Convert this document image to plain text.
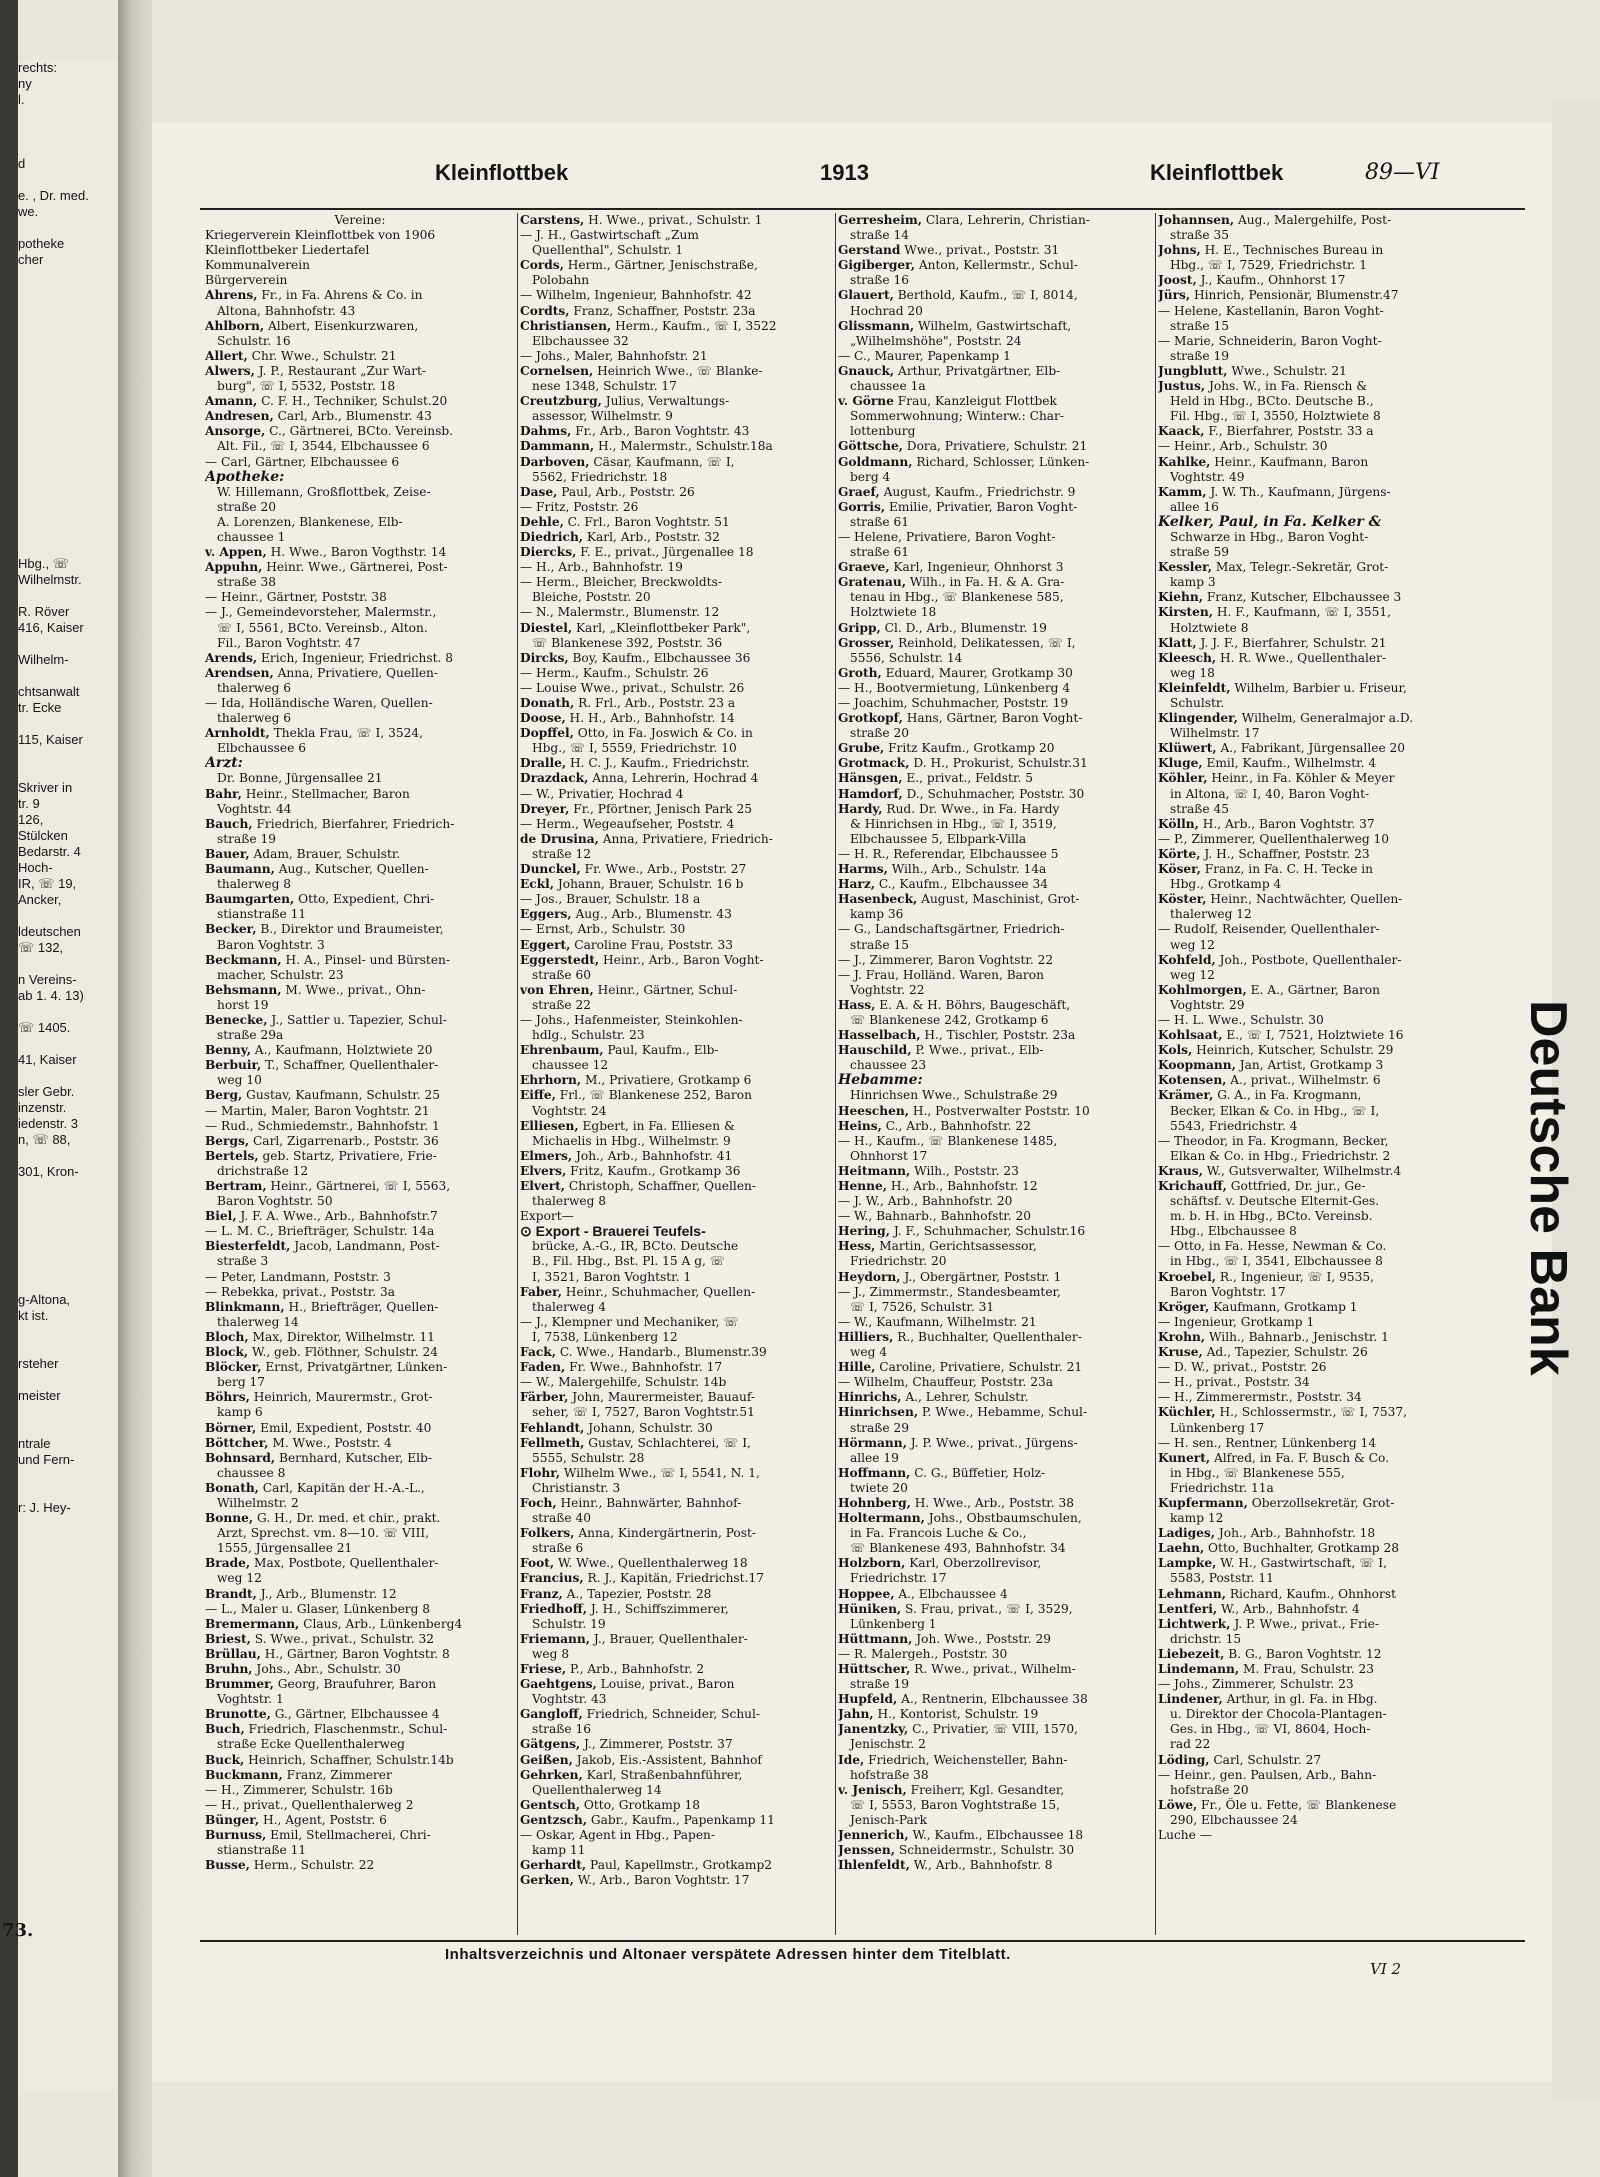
rechts:
ny
l.
d
e. , Dr. med.
we.
potheke
cher
Hbg., ☏
Wilhelmstr.
R. Röver
416, Kaiser
Wilhelm-
chtsanwalt
tr. Ecke
115, Kaiser
Skriver in
tr. 9
126,
Stülcken
Bedarstr. 4
Hoch-
IR, ☏ 19,
Ancker,
ldeutschen
☏ 132,
n Vereins-
ab 1. 4. 13)
☏ 1405.
41, Kaiser
sler Gebr.
inzenstr.
iedenstr. 3
n, ☏ 88,
301, Kron-
g-Altona,
kt ist.
rsteher
meister
ntrale
und Fern-
r: J. Hey-
73.
Kleinflottbek	1913	Kleinflottbek	89—VI
Vereine:
Kriegerverein Kleinflottbek von 1906
Kleinflottbeker Liedertafel
Kommunalverein
Bürgerverein
Ahrens, Fr., in Fa. Ahrens & Co. in
Altona, Bahnhofstr. 43
Ahlborn, Albert, Eisenkurzwaren,
Schulstr. 16
Allert, Chr. Wwe., Schulstr. 21
Alwers, J. P., Restaurant „Zur Wart-
burg", ☏ I, 5532, Poststr. 18
Amann, C. F. H., Techniker, Schulst.20
Andresen, Carl, Arb., Blumenstr. 43
Ansorge, C., Gärtnerei, BCto. Vereinsb.
Alt. Fil., ☏ I, 3544, Elbchaussee 6
— Carl, Gärtner, Elbchaussee 6
Apotheke:
W. Hillemann, Großflottbek, Zeise-
straße 20
A. Lorenzen, Blankenese, Elb-
chaussee 1
v. Appen, H. Wwe., Baron Vogthstr. 14
Appuhn, Heinr. Wwe., Gärtnerei, Post-
straße 38
— Heinr., Gärtner, Poststr. 38
— J., Gemeindevorsteher, Malermstr.,
☏ I, 5561, BCto. Vereinsb., Alton.
Fil., Baron Voghtstr. 47
Arends, Erich, Ingenieur, Friedrichst. 8
Arendsen, Anna, Privatiere, Quellen-
thalerweg 6
— Ida, Holländische Waren, Quellen-
thalerweg 6
Arnholdt, Thekla Frau, ☏ I, 3524,
Elbchaussee 6
Arzt:
Dr. Bonne, Jürgensallee 21
Bahr, Heinr., Stellmacher, Baron
Voghtstr. 44
Bauch, Friedrich, Bierfahrer, Friedrich-
straße 19
Bauer, Adam, Brauer, Schulstr.
Baumann, Aug., Kutscher, Quellen-
thalerweg 8
Baumgarten, Otto, Expedient, Chri-
stianstraße 11
Becker, B., Direktor und Braumeister,
Baron Voghtstr. 3
Beckmann, H. A., Pinsel- und Bürsten-
macher, Schulstr. 23
Behsmann, M. Wwe., privat., Ohn-
horst 19
Benecke, J., Sattler u. Tapezier, Schul-
straße 29a
Benny, A., Kaufmann, Holztwiete 20
Berbuir, T., Schaffner, Quellenthaler-
weg 10
Berg, Gustav, Kaufmann, Schulstr. 25
— Martin, Maler, Baron Voghtstr. 21
— Rud., Schmiedemstr., Bahnhofstr. 1
Bergs, Carl, Zigarrenarb., Poststr. 36
Bertels, geb. Startz, Privatiere, Frie-
drichstraße 12
Bertram, Heinr., Gärtnerei, ☏ I, 5563,
Baron Voghtstr. 50
Biel, J. F. A. Wwe., Arb., Bahnhofstr.7
— L. M. C., Briefträger, Schulstr. 14a
Biesterfeldt, Jacob, Landmann, Post-
straße 3
— Peter, Landmann, Poststr. 3
— Rebekka, privat., Poststr. 3a
Blinkmann, H., Briefträger, Quellen-
thalerweg 14
Bloch, Max, Direktor, Wilhelmstr. 11
Block, W., geb. Flöthner, Schulstr. 24
Blöcker, Ernst, Privatgärtner, Lünken-
berg 17
Böhrs, Heinrich, Maurermstr., Grot-
kamp 6
Börner, Emil, Expedient, Poststr. 40
Böttcher, M. Wwe., Poststr. 4
Bohnsard, Bernhard, Kutscher, Elb-
chaussee 8
Bonath, Carl, Kapitän der H.-A.-L.,
Wilhelmstr. 2
Bonne, G. H., Dr. med. et chir., prakt.
Arzt, Sprechst. vm. 8—10. ☏ VIII,
1555, Jürgensallee 21
Brade, Max, Postbote, Quellenthaler-
weg 12
Brandt, J., Arb., Blumenstr. 12
— L., Maler u. Glaser, Lünkenberg 8
Bremermann, Claus, Arb., Lünkenberg4
Briest, S. Wwe., privat., Schulstr. 32
Brüllau, H., Gärtner, Baron Voghtstr. 8
Bruhn, Johs., Abr., Schulstr. 30
Brummer, Georg, Braufuhrer, Baron
Voghtstr. 1
Brunotte, G., Gärtner, Elbchaussee 4
Buch, Friedrich, Flaschenmstr., Schul-
straße Ecke Quellenthalerweg
Buck, Heinrich, Schaffner, Schulstr.14b
Buckmann, Franz, Zimmerer
— H., Zimmerer, Schulstr. 16b
— H., privat., Quellenthalerweg 2
Bünger, H., Agent, Poststr. 6
Burnuss, Emil, Stellmacherei, Chri-
stianstraße 11
Busse, Herm., Schulstr. 22
Carstens, H. Wwe., privat., Schulstr. 1
— J. H., Gastwirtschaft „Zum
Quellenthal", Schulstr. 1
Cords, Herm., Gärtner, Jenischstraße,
Polobahn
— Wilhelm, Ingenieur, Bahnhofstr. 42
Cordts, Franz, Schaffner, Poststr. 23a
Christiansen, Herm., Kaufm., ☏ I, 3522
Elbchaussee 32
— Johs., Maler, Bahnhofstr. 21
Cornelsen, Heinrich Wwe., ☏ Blanke-
nese 1348, Schulstr. 17
Creutzburg, Julius, Verwaltungs-
assessor, Wilhelmstr. 9
Dahms, Fr., Arb., Baron Voghtstr. 43
Dammann, H., Malermstr., Schulstr.18a
Darboven, Cäsar, Kaufmann, ☏ I,
5562, Friedrichstr. 18
Dase, Paul, Arb., Poststr. 26
— Fritz, Poststr. 26
Dehle, C. Frl., Baron Voghtstr. 51
Diedrich, Karl, Arb., Poststr. 32
Diercks, F. E., privat., Jürgenallee 18
— H., Arb., Bahnhofstr. 19
— Herm., Bleicher, Breckwoldts-
Bleiche, Poststr. 20
— N., Malermstr., Blumenstr. 12
Diestel, Karl, „Kleinflottbeker Park",
☏ Blankenese 392, Poststr. 36
Dircks, Boy, Kaufm., Elbchaussee 36
— Herm., Kaufm., Schulstr. 26
— Louise Wwe., privat., Schulstr. 26
Donath, R. Frl., Arb., Poststr. 23 a
Doose, H. H., Arb., Bahnhofstr. 14
Dopffel, Otto, in Fa. Joswich & Co. in
Hbg., ☏ I, 5559, Friedrichstr. 10
Dralle, H. C. J., Kaufm., Friedrichstr.
Drazdack, Anna, Lehrerin, Hochrad 4
— W., Privatier, Hochrad 4
Dreyer, Fr., Pförtner, Jenisch Park 25
— Herm., Wegeaufseher, Poststr. 4
de Drusina, Anna, Privatiere, Friedrich-
straße 12
Dunckel, Fr. Wwe., Arb., Poststr. 27
Eckl, Johann, Brauer, Schulstr. 16 b
— Jos., Brauer, Schulstr. 18 a
Eggers, Aug., Arb., Blumenstr. 43
— Ernst, Arb., Schulstr. 30
Eggert, Caroline Frau, Poststr. 33
Eggerstedt, Heinr., Arb., Baron Voght-
straße 60
von Ehren, Heinr., Gärtner, Schul-
straße 22
— Johs., Hafenmeister, Steinkohlen-
hdlg., Schulstr. 23
Ehrenbaum, Paul, Kaufm., Elb-
chaussee 12
Ehrhorn, M., Privatiere, Grotkamp 6
Eiffe, Frl., ☏ Blankenese 252, Baron
Voghtstr. 24
Elliesen, Egbert, in Fa. Elliesen &
Michaelis in Hbg., Wilhelmstr. 9
Elmers, Joh., Arb., Bahnhofstr. 41
Elvers, Fritz, Kaufm., Grotkamp 36
Elvert, Christoph, Schaffner, Quellen-
thalerweg 8
Export—
⊙ Export - Brauerei Teufels-
brücke, A.-G., IR, BCto. Deutsche
B., Fil. Hbg., Bst. Pl. 15 A g, ☏
I, 3521, Baron Voghtstr. 1
Faber, Heinr., Schuhmacher, Quellen-
thalerweg 4
— J., Klempner und Mechaniker, ☏
I, 7538, Lünkenberg 12
Fack, C. Wwe., Handarb., Blumenstr.39
Faden, Fr. Wwe., Bahnhofstr. 17
— W., Malergehilfe, Schulstr. 14b
Färber, John, Maurermeister, Bauauf-
seher, ☏ I, 7527, Baron Voghtstr.51
Fehlandt, Johann, Schulstr. 30
Fellmeth, Gustav, Schlachterei, ☏ I,
5555, Schulstr. 28
Flohr, Wilhelm Wwe., ☏ I, 5541, N. 1,
Christianstr. 3
Foch, Heinr., Bahnwärter, Bahnhof-
straße 40
Folkers, Anna, Kindergärtnerin, Post-
straße 6
Foot, W. Wwe., Quellenthalerweg 18
Francius, R. J., Kapitän, Friedrichst.17
Franz, A., Tapezier, Poststr. 28
Friedhoff, J. H., Schiffszimmerer,
Schulstr. 19
Friemann, J., Brauer, Quellenthaler-
weg 8
Friese, P., Arb., Bahnhofstr. 2
Gaehtgens, Louise, privat., Baron
Voghtstr. 43
Gangloff, Friedrich, Schneider, Schul-
straße 16
Gätgens, J., Zimmerer, Poststr. 37
Geißen, Jakob, Eis.-Assistent, Bahnhof
Gehrken, Karl, Straßenbahnführer,
Quellenthalerweg 14
Gentsch, Otto, Grotkamp 18
Gentzsch, Gabr., Kaufm., Papenkamp 11
— Oskar, Agent in Hbg., Papen-
kamp 11
Gerhardt, Paul, Kapellmstr., Grotkamp2
Gerken, W., Arb., Baron Voghtstr. 17
Gerresheim, Clara, Lehrerin, Christian-
straße 14
Gerstand Wwe., privat., Poststr. 31
Gigiberger, Anton, Kellermstr., Schul-
straße 16
Glauert, Berthold, Kaufm., ☏ I, 8014,
Hochrad 20
Glissmann, Wilhelm, Gastwirtschaft,
„Wilhelmshöhe", Poststr. 24
— C., Maurer, Papenkamp 1
Gnauck, Arthur, Privatgärtner, Elb-
chaussee 1a
v. Görne Frau, Kanzleigut Flottbek
Sommerwohnung; Winterw.: Char-
lottenburg
Göttsche, Dora, Privatiere, Schulstr. 21
Goldmann, Richard, Schlosser, Lünken-
berg 4
Graef, August, Kaufm., Friedrichstr. 9
Gorris, Emilie, Privatier, Baron Voght-
straße 61
— Helene, Privatiere, Baron Voght-
straße 61
Graeve, Karl, Ingenieur, Ohnhorst 3
Gratenau, Wilh., in Fa. H. & A. Gra-
tenau in Hbg., ☏ Blankenese 585,
Holztwiete 18
Gripp, Cl. D., Arb., Blumenstr. 19
Grosser, Reinhold, Delikatessen, ☏ I,
5556, Schulstr. 14
Groth, Eduard, Maurer, Grotkamp 30
— H., Bootvermietung, Lünkenberg 4
— Joachim, Schuhmacher, Poststr. 19
Grotkopf, Hans, Gärtner, Baron Voght-
straße 20
Grube, Fritz Kaufm., Grotkamp 20
Grotmack, D. H., Prokurist, Schulstr.31
Hänsgen, E., privat., Feldstr. 5
Hamdorf, D., Schuhmacher, Poststr. 30
Hardy, Rud. Dr. Wwe., in Fa. Hardy
& Hinrichsen in Hbg., ☏ I, 3519,
Elbchaussee 5, Elbpark-Villa
— H. R., Referendar, Elbchaussee 5
Harms, Wilh., Arb., Schulstr. 14a
Harz, C., Kaufm., Elbchaussee 34
Hasenbeck, August, Maschinist, Grot-
kamp 36
— G., Landschaftsgärtner, Friedrich-
straße 15
— J., Zimmerer, Baron Voghtstr. 22
— J. Frau, Holländ. Waren, Baron
Voghtstr. 22
Hass, E. A. & H. Böhrs, Baugeschäft,
☏ Blankenese 242, Grotkamp 6
Hasselbach, H., Tischler, Poststr. 23a
Hauschild, P. Wwe., privat., Elb-
chaussee 23
Hebamme:
Hinrichsen Wwe., Schulstraße 29
Heeschen, H., Postverwalter Poststr. 10
Heins, C., Arb., Bahnhofstr. 22
— H., Kaufm., ☏ Blankenese 1485,
Ohnhorst 17
Heitmann, Wilh., Poststr. 23
Henne, H., Arb., Bahnhofstr. 12
— J. W., Arb., Bahnhofstr. 20
— W., Bahnarb., Bahnhofstr. 20
Hering, J. F., Schuhmacher, Schulstr.16
Hess, Martin, Gerichtsassessor,
Friedrichstr. 20
Heydorn, J., Obergärtner, Poststr. 1
— J., Zimmermstr., Standesbeamter,
☏ I, 7526, Schulstr. 31
— W., Kaufmann, Wilhelmstr. 21
Hilliers, R., Buchhalter, Quellenthaler-
weg 4
Hille, Caroline, Privatiere, Schulstr. 21
— Wilhelm, Chauffeur, Poststr. 23a
Hinrichs, A., Lehrer, Schulstr.
Hinrichsen, P. Wwe., Hebamme, Schul-
straße 29
Hörmann, J. P. Wwe., privat., Jürgens-
allee 19
Hoffmann, C. G., Büffetier, Holz-
twiete 20
Hohnberg, H. Wwe., Arb., Poststr. 38
Holtermann, Johs., Obstbaumschulen,
in Fa. Francois Luche & Co.,
☏ Blankenese 493, Bahnhofstr. 34
Holzborn, Karl, Oberzollrevisor,
Friedrichstr. 17
Hoppee, A., Elbchaussee 4
Hüniken, S. Frau, privat., ☏ I, 3529,
Lünkenberg 1
Hüttmann, Joh. Wwe., Poststr. 29
— R. Malergeh., Poststr. 30
Hüttscher, R. Wwe., privat., Wilhelm-
straße 19
Hupfeld, A., Rentnerin, Elbchaussee 38
Jahn, H., Kontorist, Schulstr. 19
Janentzky, C., Privatier, ☏ VIII, 1570,
Jenischstr. 2
Ide, Friedrich, Weichensteller, Bahn-
hofstraße 38
v. Jenisch, Freiherr, Kgl. Gesandter,
☏ I, 5553, Baron Voghtstraße 15,
Jenisch-Park
Jennerich, W., Kaufm., Elbchaussee 18
Jenssen, Schneidermstr., Schulstr. 30
Ihlenfeldt, W., Arb., Bahnhofstr. 8
Johannsen, Aug., Malergehilfe, Post-
straße 35
Johns, H. E., Technisches Bureau in
Hbg., ☏ I, 7529, Friedrichstr. 1
Joost, J., Kaufm., Ohnhorst 17
Jürs, Hinrich, Pensionär, Blumenstr.47
— Helene, Kastellanin, Baron Voght-
straße 15
— Marie, Schneiderin, Baron Voght-
straße 19
Jungblutt, Wwe., Schulstr. 21
Justus, Johs. W., in Fa. Riensch &
Held in Hbg., BCto. Deutsche B.,
Fil. Hbg., ☏ I, 3550, Holztwiete 8
Kaack, F., Bierfahrer, Poststr. 33 a
— Heinr., Arb., Schulstr. 30
Kahlke, Heinr., Kaufmann, Baron
Voghtstr. 49
Kamm, J. W. Th., Kaufmann, Jürgens-
allee 16
Kelker, Paul, in Fa. Kelker &
Schwarze in Hbg., Baron Voght-
straße 59
Kessler, Max, Telegr.-Sekretär, Grot-
kamp 3
Kiehn, Franz, Kutscher, Elbchaussee 3
Kirsten, H. F., Kaufmann, ☏ I, 3551,
Holztwiete 8
Klatt, J. J. F., Bierfahrer, Schulstr. 21
Kleesch, H. R. Wwe., Quellenthaler-
weg 18
Kleinfeldt, Wilhelm, Barbier u. Friseur,
Schulstr.
Klingender, Wilhelm, Generalmajor a.D.
Wilhelmstr. 17
Klüwert, A., Fabrikant, Jürgensallee 20
Kluge, Emil, Kaufm., Wilhelmstr. 4
Köhler, Heinr., in Fa. Köhler & Meyer
in Altona, ☏ I, 40, Baron Voght-
straße 45
Kölln, H., Arb., Baron Voghtstr. 37
— P., Zimmerer, Quellenthalerweg 10
Körte, J. H., Schaffner, Poststr. 23
Köser, Franz, in Fa. C. H. Tecke in
Hbg., Grotkamp 4
Köster, Heinr., Nachtwächter, Quellen-
thalerweg 12
— Rudolf, Reisender, Quellenthaler-
weg 12
Kohfeld, Joh., Postbote, Quellenthaler-
weg 12
Kohlmorgen, E. A., Gärtner, Baron
Voghtstr. 29
— H. L. Wwe., Schulstr. 30
Kohlsaat, E., ☏ I, 7521, Holztwiete 16
Kols, Heinrich, Kutscher, Schulstr. 29
Koopmann, Jan, Artist, Grotkamp 3
Kotensen, A., privat., Wilhelmstr. 6
Krämer, G. A., in Fa. Krogmann,
Becker, Elkan & Co. in Hbg., ☏ I,
5543, Friedrichstr. 4
— Theodor, in Fa. Krogmann, Becker,
Elkan & Co. in Hbg., Friedrichstr. 2
Kraus, W., Gutsverwalter, Wilhelmstr.4
Krichauff, Gottfried, Dr. jur., Ge-
schäftsf. v. Deutsche Elternit-Ges.
m. b. H. in Hbg., BCto. Vereinsb.
Hbg., Elbchaussee 8
— Otto, in Fa. Hesse, Newman & Co.
in Hbg., ☏ I, 3541, Elbchaussee 8
Kroebel, R., Ingenieur, ☏ I, 9535,
Baron Voghtstr. 17
Kröger, Kaufmann, Grotkamp 1
— Ingenieur, Grotkamp 1
Krohn, Wilh., Bahnarb., Jenischstr. 1
Kruse, Ad., Tapezier, Schulstr. 26
— D. W., privat., Poststr. 26
— H., privat., Poststr. 34
— H., Zimmerermstr., Poststr. 34
Küchler, H., Schlossermstr., ☏ I, 7537,
Lünkenberg 17
— H. sen., Rentner, Lünkenberg 14
Kunert, Alfred, in Fa. F. Busch & Co.
in Hbg., ☏ Blankenese 555,
Friedrichstr. 11a
Kupfermann, Oberzollsekretär, Grot-
kamp 12
Ladiges, Joh., Arb., Bahnhofstr. 18
Laehn, Otto, Buchhalter, Grotkamp 28
Lampke, W. H., Gastwirtschaft, ☏ I,
5583, Poststr. 11
Lehmann, Richard, Kaufm., Ohnhorst
Lentferi, W., Arb., Bahnhofstr. 4
Lichtwerk, J. P. Wwe., privat., Frie-
drichstr. 15
Liebezeit, B. G., Baron Voghtstr. 12
Lindemann, M. Frau, Schulstr. 23
— Johs., Zimmerer, Schulstr. 23
Lindener, Arthur, in gl. Fa. in Hbg.
u. Direktor der Chocola-Plantagen-
Ges. in Hbg., ☏ VI, 8604, Hoch-
rad 22
Löding, Carl, Schulstr. 27
— Heinr., gen. Paulsen, Arb., Bahn-
hofstraße 20
Löwe, Fr., Öle u. Fette, ☏ Blankenese
290, Elbchaussee 24
Luche —
Inhaltsverzeichnis und Altonaer verspätete Adressen hinter dem Titelblatt.
VI 2
Deutsche Bank
